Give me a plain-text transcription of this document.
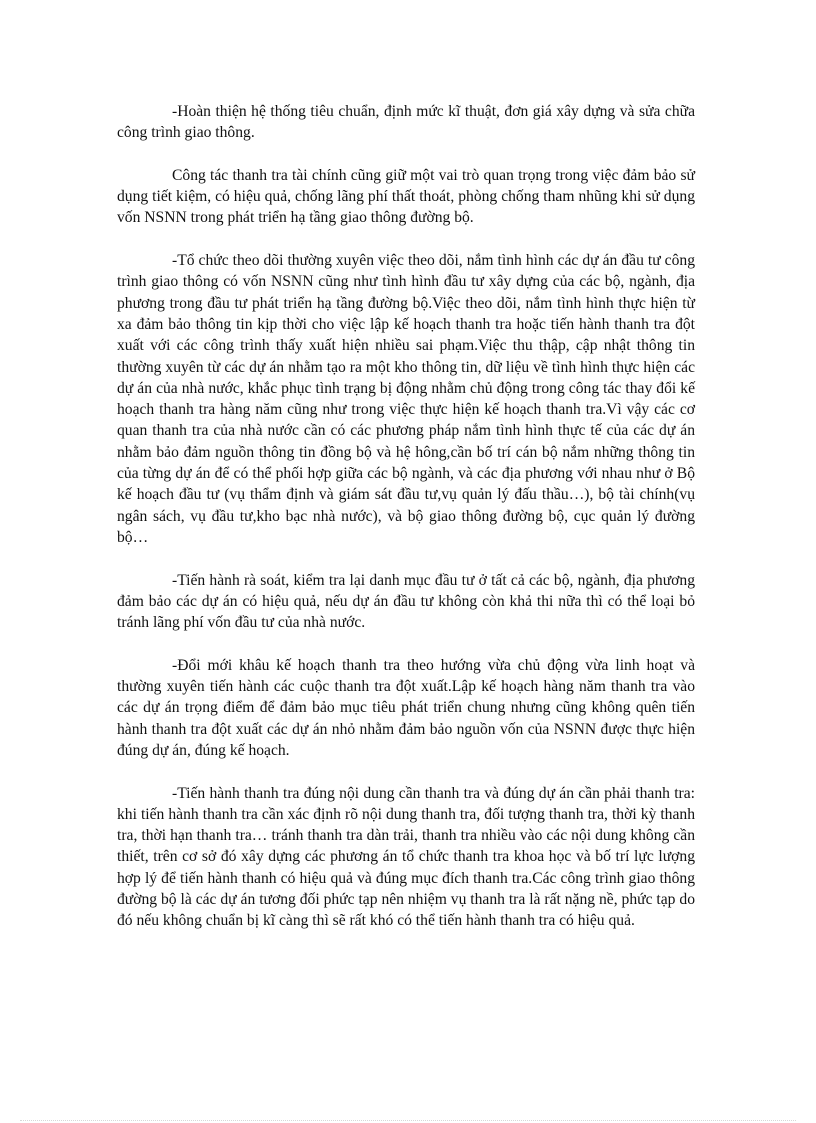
-Hoàn thiện hệ thống tiêu chuẩn, định mức kĩ thuật, đơn giá xây dựng và sửa chữa công trình giao thông.

Công tác thanh tra tài chính cũng giữ một vai trò quan trọng trong việc đảm bảo sử dụng tiết kiệm, có hiệu quả, chống lãng phí thất thoát, phòng chống tham nhũng khi sử dụng vốn NSNN trong phát triển hạ tầng giao thông đường bộ.

-Tổ chức theo dõi thường xuyên việc theo dõi, nắm tình hình các dự án đầu tư công trình giao thông có vốn NSNN cũng như tình hình đầu tư xây dựng của các bộ, ngành, địa phương trong đầu tư phát triển hạ tầng đường bộ.Việc theo dõi, nắm tình hình thực hiện từ xa đảm bảo thông tin kịp thời cho việc lập kế hoạch thanh tra hoặc tiến hành thanh tra đột xuất với các công trình thấy xuất hiện nhiều sai phạm.Việc thu thập, cập nhật thông tin thường xuyên từ các dự án nhằm tạo ra một kho thông tin, dữ liệu về tình hình thực hiện các dự án của nhà nước, khắc phục tình trạng bị động nhằm chủ động trong công tác thay đổi kế hoạch thanh tra hàng năm cũng như trong việc thực hiện kế hoạch thanh tra.Vì vậy các cơ quan thanh tra của nhà nước cần có các phương pháp nắm tình hình thực tế của các dự án nhằm bảo đảm nguồn thông tin đồng bộ và hệ hông,cần bố trí cán bộ nắm những thông tin của từng dự án để có thể phối hợp giữa các bộ ngành, và các địa phương với nhau như ở Bộ kế hoạch đầu tư (vụ thẩm định và giám sát đầu tư,vụ quản lý đấu thầu…), bộ tài chính(vụ ngân sách, vụ đầu tư,kho bạc nhà nước), và bộ giao thông đường bộ, cục quản lý đường bộ…

-Tiến hành rà soát, kiểm tra lại danh mục đầu tư ở tất cả các bộ, ngành, địa phương đảm bảo các dự án có hiệu quả, nếu dự án đầu tư không còn khả thi nữa thì có thể loại bỏ tránh lãng phí vốn đầu tư của nhà nước.

-Đổi mới khâu kế hoạch thanh tra theo hướng vừa chủ động vừa linh hoạt và thường xuyên tiến hành các cuộc thanh tra đột xuất.Lập kế hoạch hàng năm thanh tra vào các dự án trọng điểm để đảm bảo mục tiêu phát triển chung nhưng cũng không quên tiến hành thanh tra đột xuất các dự án nhỏ nhằm đảm bảo nguồn vốn của NSNN được thực hiện đúng dự án, đúng kế hoạch.

-Tiến hành thanh tra đúng nội dung cần thanh tra và đúng dự án cần phải thanh tra: khi tiến hành thanh tra cần xác định rõ nội dung thanh tra, đối tượng thanh tra, thời kỳ thanh tra, thời hạn thanh tra… tránh thanh tra dàn trải, thanh tra nhiều vào các nội dung không cần thiết, trên cơ sở đó xây dựng các phương án tổ chức thanh tra khoa học và bố trí lực lượng hợp lý để tiến hành thanh có hiệu quả và đúng mục đích thanh tra.Các công trình giao thông đường bộ là các dự án tương đối phức tạp nên nhiệm vụ thanh tra là rất nặng nề, phức tạp do đó nếu không chuẩn bị kĩ càng thì sẽ rất khó có thể tiến hành thanh tra có hiệu quả.
